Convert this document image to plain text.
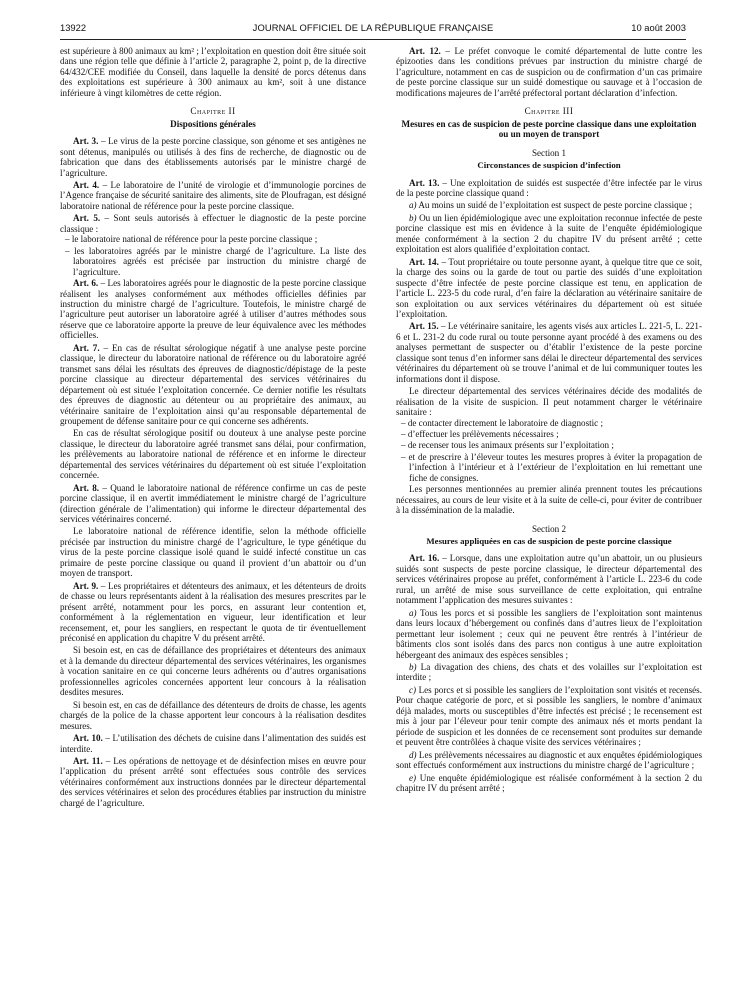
13922	JOURNAL OFFICIEL DE LA RÉPUBLIQUE FRANÇAISE	10 août 2003

est supérieure à 800 animaux au km² ; l’exploitation en question doit être située soit dans une région telle que définie à l’article 2, paragraphe 2, point p, de la directive 64/432/CEE modifiée du Conseil, dans laquelle la densité de porcs détenus dans des exploitations est supérieure à 300 animaux au km², soit à une distance inférieure à vingt kilomètres de cette région.

Chapitre II

Dispositions générales

Art. 3. – Le virus de la peste porcine classique, son génome et ses antigènes ne sont détenus, manipulés ou utilisés à des fins de recherche, de diagnostic ou de fabrication que dans des établissements autorisés par le ministre chargé de l’agriculture.

Art. 4. – Le laboratoire de l’unité de virologie et d’immunologie porcines de l’Agence française de sécurité sanitaire des aliments, site de Ploufragan, est désigné laboratoire national de référence pour la peste porcine classique.

Art. 5. – Sont seuls autorisés à effectuer le diagnostic de la peste porcine classique :

– le laboratoire national de référence pour la peste porcine classique ;
– les laboratoires agréés par le ministre chargé de l’agriculture. La liste des laboratoires agréés est précisée par instruction du ministre chargé de l’agriculture.

Art. 6. – Les laboratoires agréés pour le diagnostic de la peste porcine classique réalisent les analyses conformément aux méthodes officielles définies par instruction du ministre chargé de l’agriculture. Toutefois, le ministre chargé de l’agriculture peut autoriser un laboratoire agréé à utiliser d’autres méthodes sous réserve que ce laboratoire apporte la preuve de leur équivalence avec les méthodes officielles.

Art. 7. – En cas de résultat sérologique négatif à une analyse peste porcine classique, le directeur du laboratoire national de référence ou du laboratoire agréé transmet sans délai les résultats des épreuves de diagnostic/dépistage de la peste porcine classique au directeur départemental des services vétérinaires du département où est située l’exploitation concernée. Ce dernier notifie les résultats des épreuves de diagnostic au détenteur ou au propriétaire des animaux, au vétérinaire sanitaire de l’exploitation ainsi qu’au responsable départemental de groupement de défense sanitaire pour ce qui concerne ses adhérents.

En cas de résultat sérologique positif ou douteux à une analyse peste porcine classique, le directeur du laboratoire agréé transmet sans délai, pour confirmation, les prélèvements au laboratoire national de référence et en informe le directeur départemental des services vétérinaires du département où est située l’exploitation concernée.

Art. 8. – Quand le laboratoire national de référence confirme un cas de peste porcine classique, il en avertit immédiatement le ministre chargé de l’agriculture (direction générale de l’alimentation) qui informe le directeur départemental des services vétérinaires concerné.

Le laboratoire national de référence identifie, selon la méthode officielle précisée par instruction du ministre chargé de l’agriculture, le type génétique du virus de la peste porcine classique isolé quand le suidé infecté constitue un cas primaire de peste porcine classique ou quand il provient d’un abattoir ou d’un moyen de transport.

Art. 9. – Les propriétaires et détenteurs des animaux, et les détenteurs de droits de chasse ou leurs représentants aident à la réalisation des mesures prescrites par le présent arrêté, notamment pour les porcs, en assurant leur contention et, conformément à la réglementation en vigueur, leur identification et leur recensement, et, pour les sangliers, en respectant le quota de tir éventuellement préconisé en application du chapitre V du présent arrêté.

Si besoin est, en cas de défaillance des propriétaires et détenteurs des animaux et à la demande du directeur départemental des services vétérinaires, les organismes à vocation sanitaire en ce qui concerne leurs adhérents ou d’autres organisations professionnelles agricoles concernées apportent leur concours à la réalisation desdites mesures.

Si besoin est, en cas de défaillance des détenteurs de droits de chasse, les agents chargés de la police de la chasse apportent leur concours à la réalisation desdites mesures.

Art. 10. – L’utilisation des déchets de cuisine dans l’alimentation des suidés est interdite.

Art. 11. – Les opérations de nettoyage et de désinfection mises en œuvre pour l’application du présent arrêté sont effectuées sous contrôle des services vétérinaires conformément aux instructions données par le directeur départemental des services vétérinaires et selon des procédures établies par instruction du ministre chargé de l’agriculture.

Art. 12. – Le préfet convoque le comité départemental de lutte contre les épizooties dans les conditions prévues par instruction du ministre chargé de l’agriculture, notamment en cas de suspicion ou de confirmation d’un cas primaire de peste porcine classique sur un suidé domestique ou sauvage et à l’occasion de modifications majeures de l’arrêté préfectoral portant déclaration d’infection.

Chapitre III

Mesures en cas de suspicion de peste porcine classique dans une exploitation ou un moyen de transport

Section 1

Circonstances de suspicion d’infection

Art. 13. – Une exploitation de suidés est suspectée d’être infectée par le virus de la peste porcine classique quand :

a) Au moins un suidé de l’exploitation est suspect de peste porcine classique ;

b) Ou un lien épidémiologique avec une exploitation reconnue infectée de peste porcine classique est mis en évidence à la suite de l’enquête épidémiologique menée conformément à la section 2 du chapitre IV du présent arrêté ; cette exploitation est alors qualifiée d’exploitation contact.

Art. 14. – Tout propriétaire ou toute personne ayant, à quelque titre que ce soit, la charge des soins ou la garde de tout ou partie des suidés d’une exploitation suspecte d’être infectée de peste porcine classique est tenu, en application de l’article L. 223-5 du code rural, d’en faire la déclaration au vétérinaire sanitaire de son exploitation ou aux services vétérinaires du département où est située l’exploitation.

Art. 15. – Le vétérinaire sanitaire, les agents visés aux articles L. 221-5, L. 221-6 et L. 231-2 du code rural ou toute personne ayant procédé à des examens ou des analyses permettant de suspecter ou d’établir l’existence de la peste porcine classique sont tenus d’en informer sans délai le directeur départemental des services vétérinaires du département où se trouve l’animal et de lui communiquer toutes les informations dont il dispose.

Le directeur départemental des services vétérinaires décide des modalités de réalisation de la visite de suspicion. Il peut notamment charger le vétérinaire sanitaire :

– de contacter directement le laboratoire de diagnostic ;
– d’effectuer les prélèvements nécessaires ;
– de recenser tous les animaux présents sur l’exploitation ;
– et de prescrire à l’éleveur toutes les mesures propres à éviter la propagation de l’infection à l’intérieur et à l’extérieur de l’exploitation en lui remettant une fiche de consignes.

Les personnes mentionnées au premier alinéa prennent toutes les précautions nécessaires, au cours de leur visite et à la suite de celle-ci, pour éviter de contribuer à la dissémination de la maladie.

Section 2

Mesures appliquées en cas de suspicion de peste porcine classique

Art. 16. – Lorsque, dans une exploitation autre qu’un abattoir, un ou plusieurs suidés sont suspects de peste porcine classique, le directeur départemental des services vétérinaires propose au préfet, conformément à l’article L. 223-6 du code rural, un arrêté de mise sous surveillance de cette exploitation, qui entraîne notamment l’application des mesures suivantes :

a) Tous les porcs et si possible les sangliers de l’exploitation sont maintenus dans leurs locaux d’hébergement ou confinés dans d’autres lieux de l’exploitation permettant leur isolement ; ceux qui ne peuvent être rentrés à l’intérieur de bâtiments clos sont isolés dans des parcs non contigus à une autre exploitation hébergeant des animaux des espèces sensibles ;

b) La divagation des chiens, des chats et des volailles sur l’exploitation est interdite ;

c) Les porcs et si possible les sangliers de l’exploitation sont visités et recensés. Pour chaque catégorie de porc, et si possible les sangliers, le nombre d’animaux déjà malades, morts ou susceptibles d’être infectés est précisé ; le recensement est mis à jour par l’éleveur pour tenir compte des animaux nés et morts pendant la période de suspicion et les données de ce recensement sont produites sur demande et peuvent être contrôlées à chaque visite des services vétérinaires ;

d) Les prélèvements nécessaires au diagnostic et aux enquêtes épidémiologiques sont effectués conformément aux instructions du ministre chargé de l’agriculture ;

e) Une enquête épidémiologique est réalisée conformément à la section 2 du chapitre IV du présent arrêté ;
